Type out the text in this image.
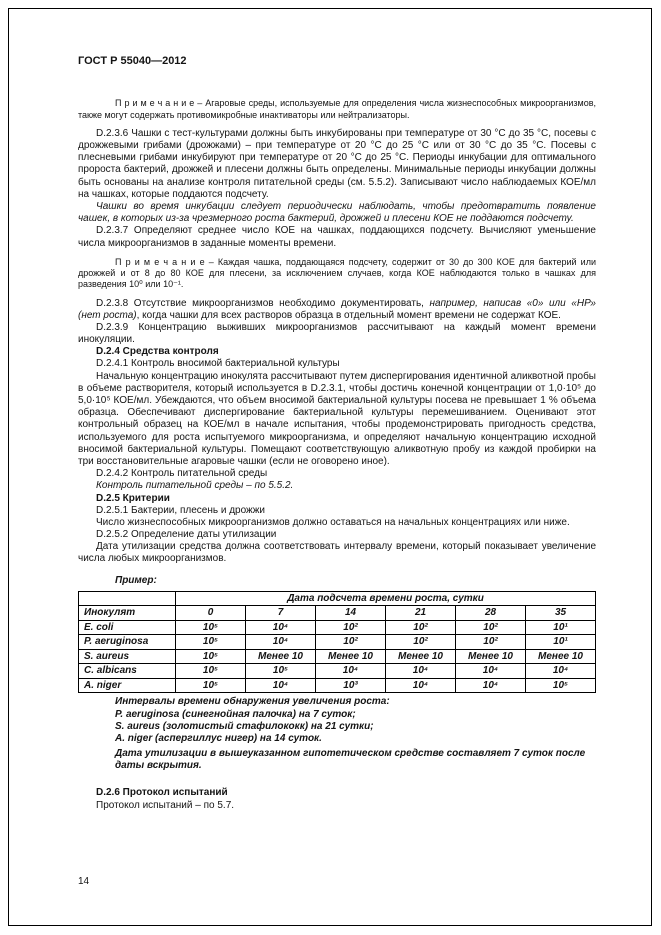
ГОСТ Р 55040—2012

П р и м е ч а н и е – Агаровые среды, используемые для определения числа жизнеспособных микроорганизмов, также могут содержать противомикробные инактиваторы или нейтрализаторы.

D.2.3.6 Чашки с тест-культурами должны быть инкубированы при температуре от 30 °С до 35 °С, посевы с дрожжевыми грибами (дрожжами) – при температуре от 20 °С до 25 °С или от 30 °С до 35 °С. Посевы с плесневыми грибами инкубируют при температуре от 20 °С до 25 °С. Периоды инкубации для оптимального пророста бактерий, дрожжей и плесени должны быть определены. Минимальные периоды инкубации должны быть основаны на анализе контроля питательной среды (см. 5.5.2). Записывают число наблюдаемых КОЕ/мл на чашках, которые поддаются подсчету.

Чашки во время инкубации следует периодически наблюдать, чтобы предотвратить появление чашек, в которых из-за чрезмерного роста бактерий, дрожжей и плесени КОЕ не поддаются подсчету.

D.2.3.7 Определяют среднее число КОЕ на чашках, поддающихся подсчету. Вычисляют уменьшение числа микроорганизмов в заданные моменты времени.

П р и м е ч а н и е – Каждая чашка, поддающаяся подсчету, содержит от 30 до 300 КОЕ для бактерий или дрожжей и от 8 до 80 КОЕ для плесени, за исключением случаев, когда КОЕ наблюдаются только в чашках для разведения 10⁰ или 10⁻¹.

D.2.3.8 Отсутствие микроорганизмов необходимо документировать, например, написав «0» или «НР» (нет роста), когда чашки для всех растворов образца в отдельный момент времени не содержат КОЕ.

D.2.3.9 Концентрацию выживших микроорганизмов рассчитывают на каждый момент времени инокуляции.

D.2.4 Средства контроля

D.2.4.1 Контроль вносимой бактериальной культуры

Начальную концентрацию инокулята рассчитывают путем диспергирования идентичной аликвотной пробы в объеме растворителя, который используется в D.2.3.1, чтобы достичь конечной концентрации от 1,0·10⁵ до 5,0·10⁵ КОЕ/мл. Убеждаются, что объем вносимой бактериальной культуры посева не превышает 1 % объема образца. Обеспечивают диспергирование бактериальной культуры перемешиванием. Оценивают этот контрольный образец на КОЕ/мл в начале испытания, чтобы продемонстрировать пригодность средства, используемого для роста испытуемого микроорганизма, и определяют начальную концентрацию исходной вносимой бактериальной культуры. Помещают соответствующую аликвотную пробу из каждой пробирки на три восстановительные агаровые чашки (если не оговорено иное).

D.2.4.2 Контроль питательной среды

Контроль питательной среды – по 5.5.2.

D.2.5 Критерии

D.2.5.1 Бактерии, плесень и дрожжи

Число жизнеспособных микроорганизмов должно оставаться на начальных концентрациях или ниже.

D.2.5.2 Определение даты утилизации

Дата утилизации средства должна соответствовать интервалу времени, который показывает увеличение числа любых микроорганизмов.

Пример:

	Дата подсчета времени роста, сутки					
Инокулят	0	7	14	21	28	35
E. coli	10⁵	10⁴	10²	10²	10²	10¹
P. aeruginosa	10⁵	10⁴	10²	10²	10²	10¹
S. aureus	10⁵	Менее 10	Менее 10	Менее 10	Менее 10	Менее 10
C. albicans	10⁵	10⁵	10⁴	10⁴	10⁴	10⁴
A. niger	10⁵	10⁴	10³	10⁴	10⁴	10⁵

Интервалы времени обнаружения увеличения роста:

P. aeruginosa (синегнойная палочка) на 7 суток;

S. aureus (золотистый стафилококк) на 21 сутки;

A. niger (аспергиллус нигер) на 14 суток.

Дата утилизации в вышеуказанном гипотетическом средстве составляет 7 суток после даты вскрытия.

D.2.6 Протокол испытаний

Протокол испытаний – по 5.7.

14
